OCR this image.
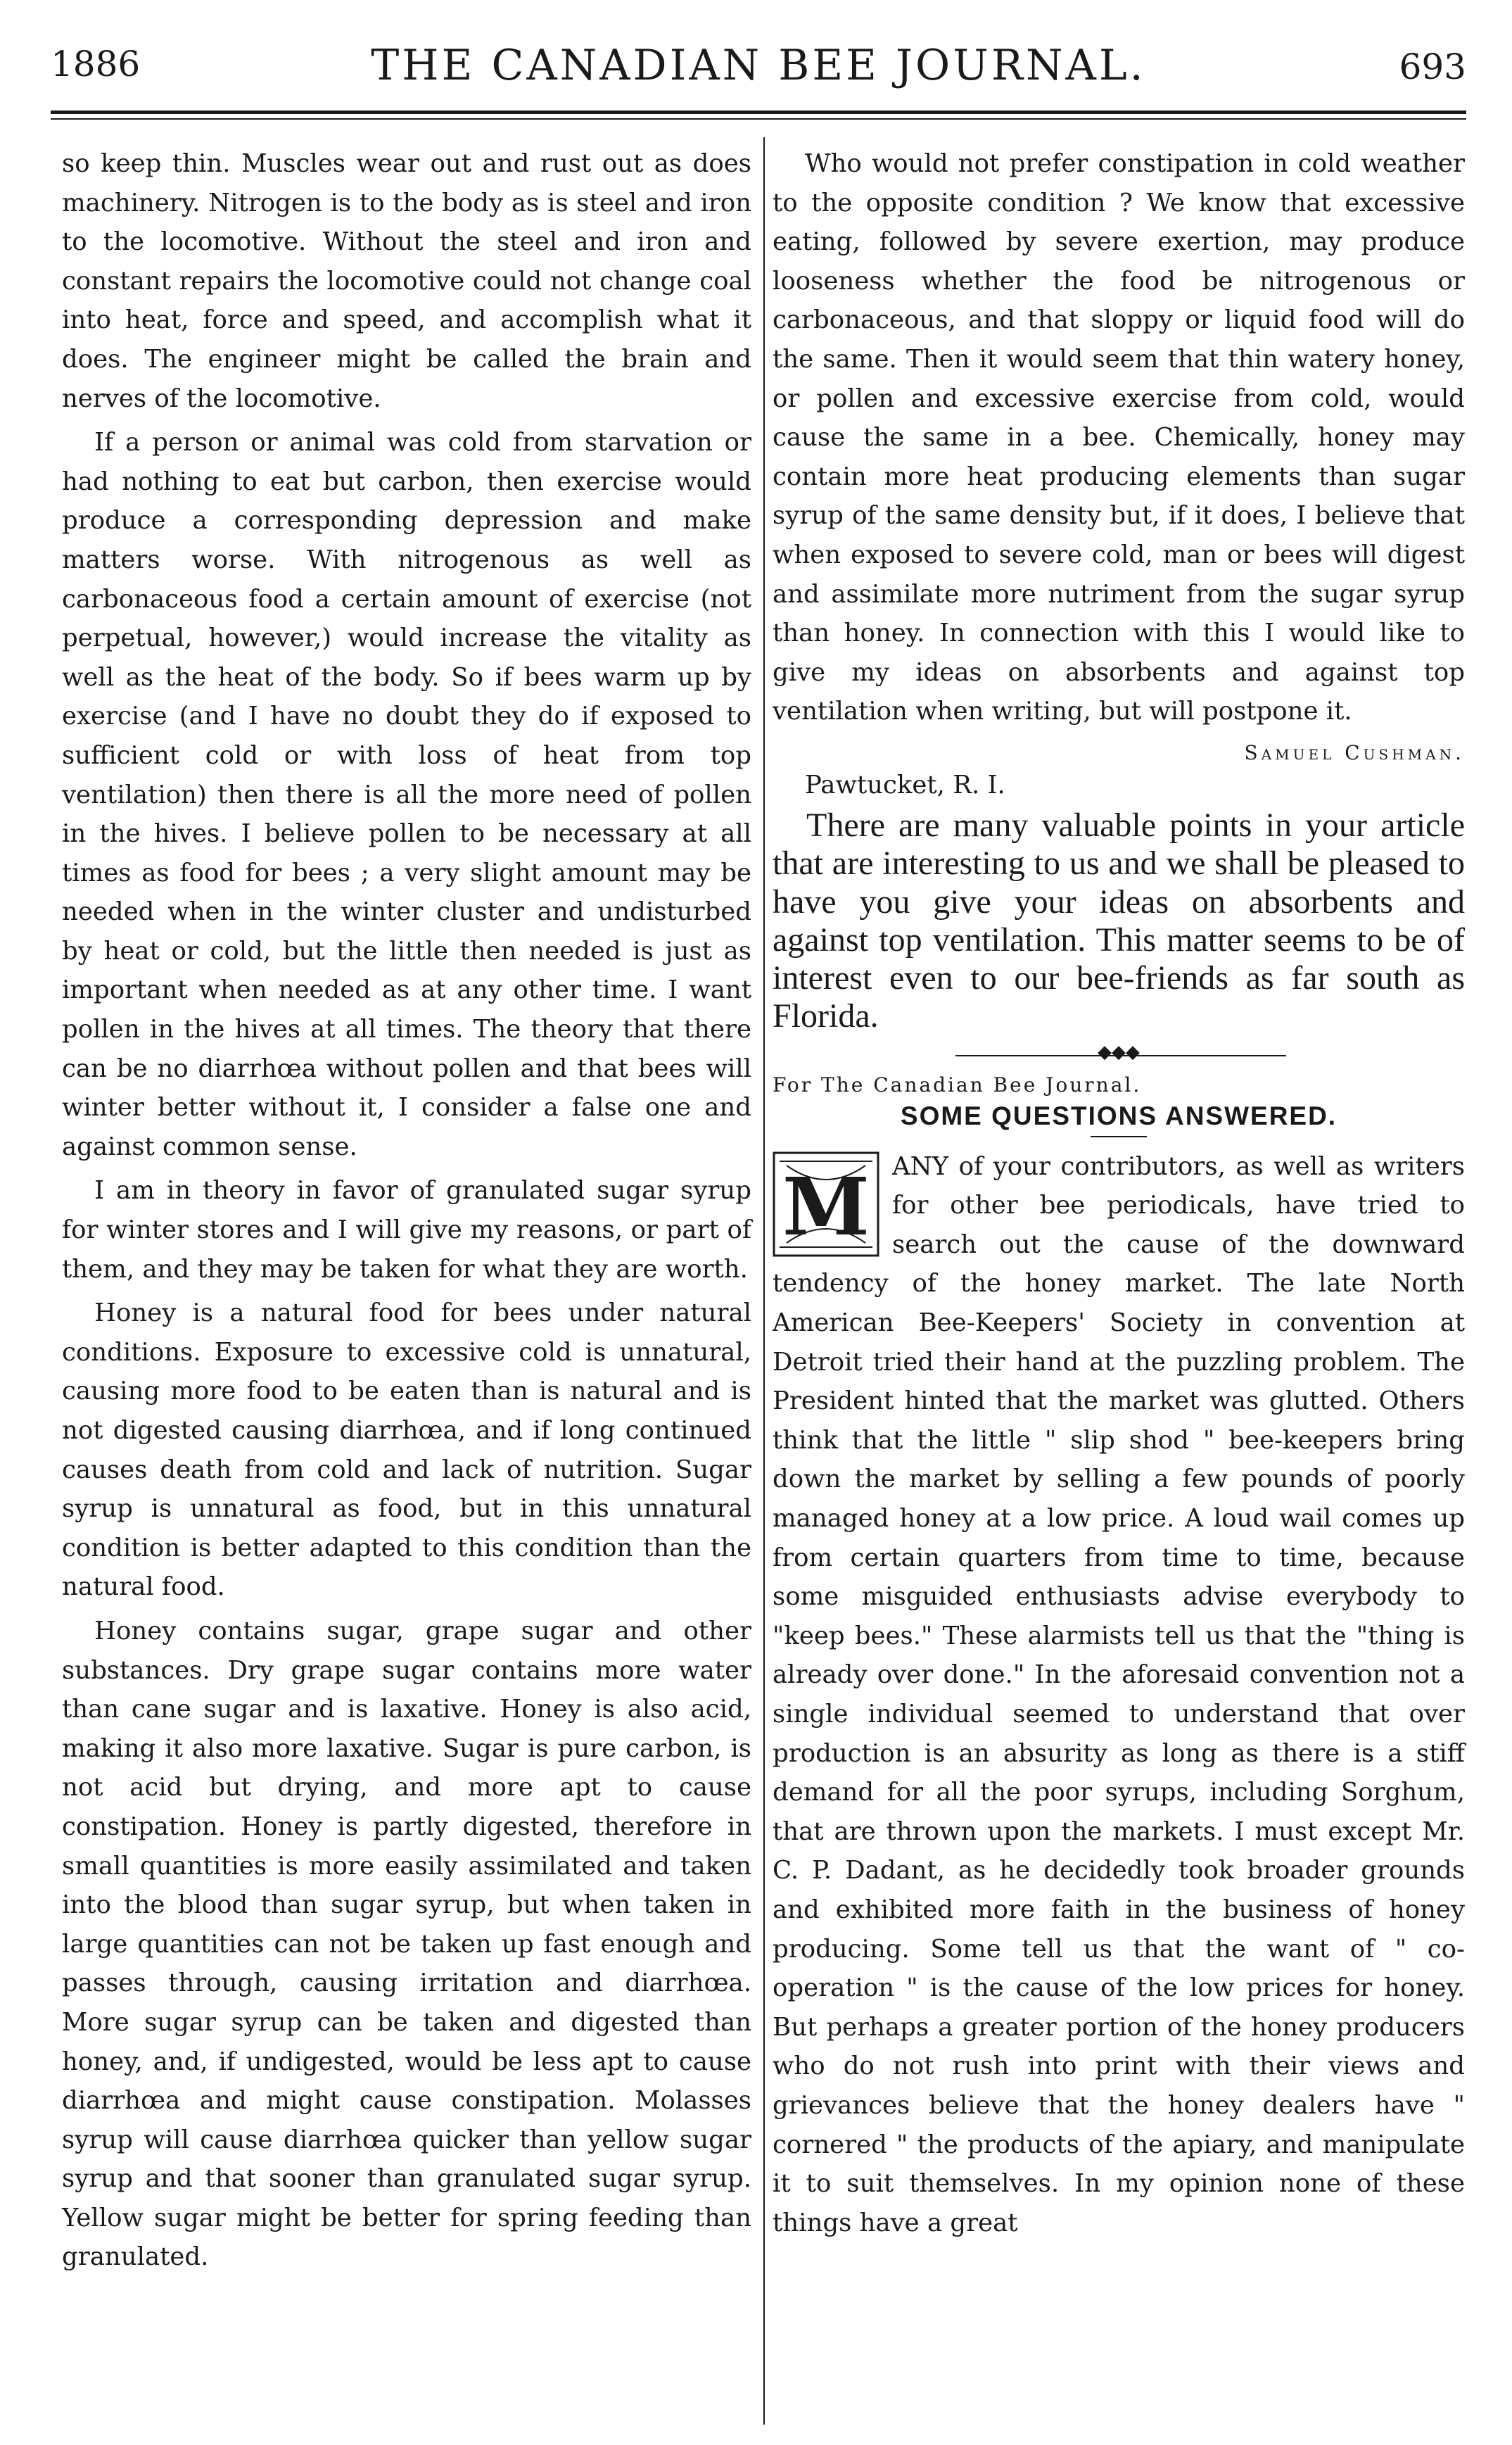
1886	THE CANADIAN BEE JOURNAL.	693

so keep thin. Muscles wear out and rust out as does machinery. Nitrogen is to the body as is steel and iron to the locomotive. Without the steel and iron and constant repairs the locomotive could not change coal into heat, force and speed, and accomplish what it does. The engineer might be called the brain and nerves of the locomotive.

If a person or animal was cold from starvation or had nothing to eat but carbon, then exercise would produce a corresponding depression and make matters worse. With nitrogenous as well as carbonaceous food a certain amount of exercise (not perpetual, however,) would increase the vitality as well as the heat of the body. So if bees warm up by exercise (and I have no doubt they do if exposed to sufficient cold or with loss of heat from top ventilation) then there is all the more need of pollen in the hives. I believe pollen to be necessary at all times as food for bees ; a very slight amount may be needed when in the winter cluster and undisturbed by heat or cold, but the little then needed is just as important when needed as at any other time. I want pollen in the hives at all times. The theory that there can be no diarrhœa without pollen and that bees will winter better without it, I consider a false one and against common sense.

I am in theory in favor of granulated sugar syrup for winter stores and I will give my reasons, or part of them, and they may be taken for what they are worth.

Honey is a natural food for bees under natural conditions. Exposure to excessive cold is unnatural, causing more food to be eaten than is natural and is not digested causing diarrhœa, and if long continued causes death from cold and lack of nutrition. Sugar syrup is unnatural as food, but in this unnatural condition is better adapted to this condition than the natural food.

Honey contains sugar, grape sugar and other substances. Dry grape sugar contains more water than cane sugar and is laxative. Honey is also acid, making it also more laxative. Sugar is pure carbon, is not acid but drying, and more apt to cause constipation. Honey is partly digested, therefore in small quantities is more easily assimilated and taken into the blood than sugar syrup, but when taken in large quantities can not be taken up fast enough and passes through, causing irritation and diarrhœa. More sugar syrup can be taken and digested than honey, and, if undigested, would be less apt to cause diarrhœa and might cause constipation. Molasses syrup will cause diarrhœa quicker than yellow sugar syrup and that sooner than granulated sugar syrup. Yellow sugar might be better for spring feeding than granulated.

Who would not prefer constipation in cold weather to the opposite condition ? We know that excessive eating, followed by severe exertion, may produce looseness whether the food be nitrogenous or carbonaceous, and that sloppy or liquid food will do the same. Then it would seem that thin watery honey, or pollen and excessive exercise from cold, would cause the same in a bee. Chemically, honey may contain more heat producing elements than sugar syrup of the same density but, if it does, I believe that when exposed to severe cold, man or bees will digest and assimilate more nutriment from the sugar syrup than honey. In connection with this I would like to give my ideas on absorbents and against top ventilation when writing, but will postpone it.

Samuel Cushman.

Pawtucket, R. I.

There are many valuable points in your article that are interesting to us and we shall be pleased to have you give your ideas on absorbents and against top ventilation. This matter seems to be of interest even to our bee-friends as far south as Florida.

◆◆◆

For The Canadian Bee Journal.

SOME QUESTIONS ANSWERED.
M ANY of your contributors, as well as writers for other bee periodicals, have tried to search out the cause of the downward tendency of the honey market. The late North American Bee-Keepers' Society in convention at Detroit tried their hand at the puzzling problem. The President hinted that the market was glutted. Others think that the little " slip shod " bee-keepers bring down the market by selling a few pounds of poorly managed honey at a low price. A loud wail comes up from certain quarters from time to time, because some misguided enthusiasts advise everybody to "keep bees." These alarmists tell us that the "thing is already over done." In the aforesaid convention not a single individual seemed to understand that over production is an absurity as long as there is a stiff demand for all the poor syrups, including Sorghum, that are thrown upon the markets. I must except Mr. C. P. Dadant, as he decidedly took broader grounds and exhibited more faith in the business of honey producing. Some tell us that the want of " co-operation " is the cause of the low prices for honey. But perhaps a greater portion of the honey producers who do not rush into print with their views and grievances believe that the honey dealers have " cornered " the products of the apiary, and manipulate it to suit themselves. In my opinion none of these things have a great
